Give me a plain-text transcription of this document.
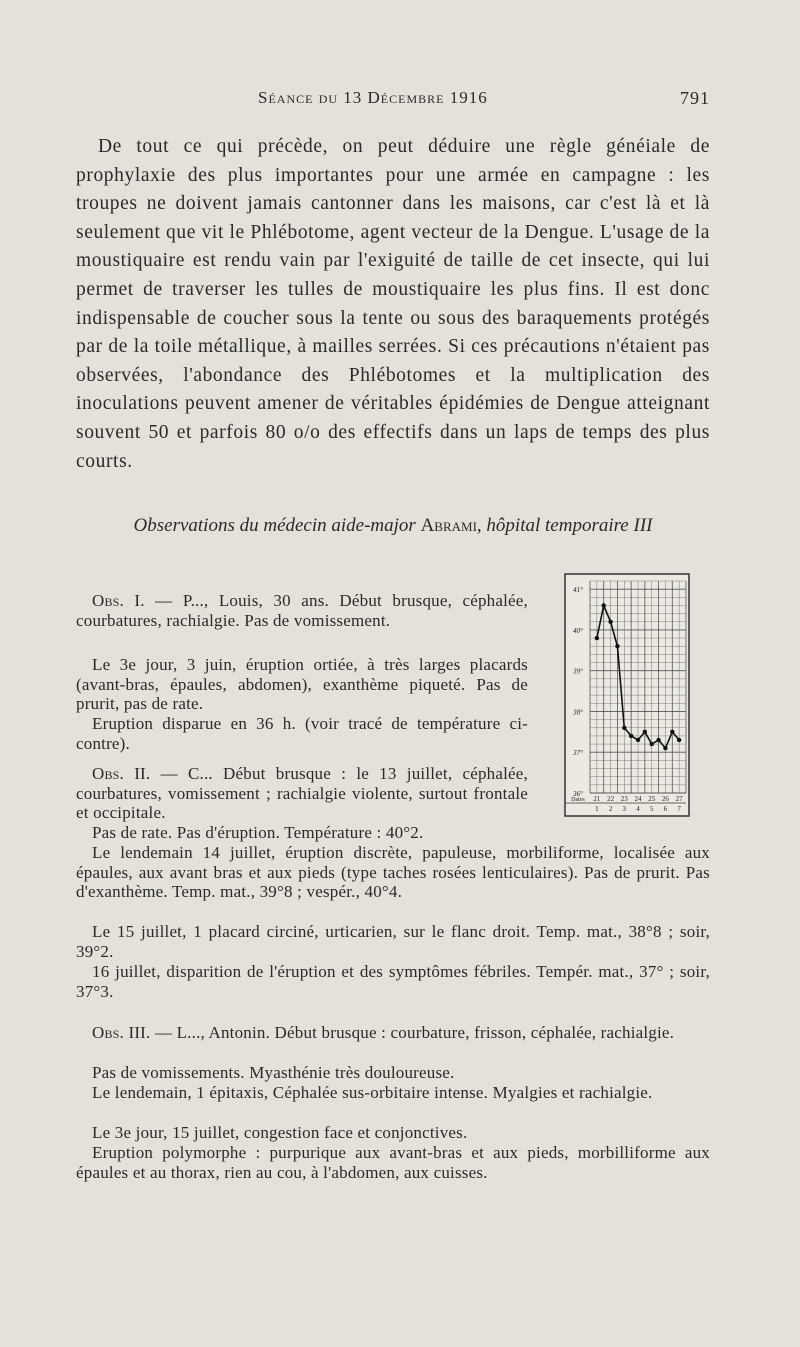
Séance du 13 Décembre 1916	791

De tout ce qui précède, on peut déduire une règle généiale de prophylaxie des plus importantes pour une armée en campagne : les troupes ne doivent jamais cantonner dans les maisons, car c'est là et là seulement que vit le Phlébotome, agent vecteur de la Dengue. L'usage de la moustiquaire est rendu vain par l'exiguité de taille de cet insecte, qui lui permet de traverser les tulles de moustiquaire les plus fins. Il est donc indispensable de coucher sous la tente ou sous des baraquements protégés par de la toile métallique, à mailles serrées. Si ces précautions n'étaient pas observées, l'abondance des Phlébotomes et la multiplication des inoculations peuvent amener de véritables épidémies de Dengue atteignant souvent 50 et parfois 80 o/o des effectifs dans un laps de temps des plus courts.

Observations du médecin aide-major Abrami, hôpital temporaire III

Obs. I. — P..., Louis, 30 ans. Début brusque, céphalée, courbatures, rachialgie. Pas de vomissement.

Le 3e jour, 3 juin, éruption ortiée, à très larges placards (avant-bras, épaules, abdomen), exanthème piqueté. Pas de prurit, pas de rate.

Eruption disparue en 36 h. (voir tracé de température ci-contre).

41°
40°
39°
38°
37°
36°
Dates 21 22 23 24 25 26 27
1 2 3 4 5 6 7

Obs. II. — C... Début brusque : le 13 juillet, céphalée, courbatures, vomissement ; rachialgie violente, surtout frontale et occipitale.

Pas de rate. Pas d'éruption. Température : 40°2.

Le lendemain 14 juillet, éruption discrète, papuleuse, morbiliforme, localisée aux épaules, aux avant bras et aux pieds (type taches rosées lenticulaires). Pas de prurit. Pas d'exanthème. Temp. mat., 39°8 ; vespér., 40°4.

Le 15 juillet, 1 placard circiné, urticarien, sur le flanc droit. Temp. mat., 38°8 ; soir, 39°2.

16 juillet, disparition de l'éruption et des symptômes fébriles. Tempér. mat., 37° ; soir, 37°3.

Obs. III. — L..., Antonin. Début brusque : courbature, frisson, céphalée, rachialgie.

Pas de vomissements. Myasthénie très douloureuse.

Le lendemain, 1 épitaxis, Céphalée sus-orbitaire intense. Myalgies et rachialgie.

Le 3e jour, 15 juillet, congestion face et conjonctives.

Eruption polymorphe : purpurique aux avant-bras et aux pieds, morbilliforme aux épaules et au thorax, rien au cou, à l'abdomen, aux cuisses.
